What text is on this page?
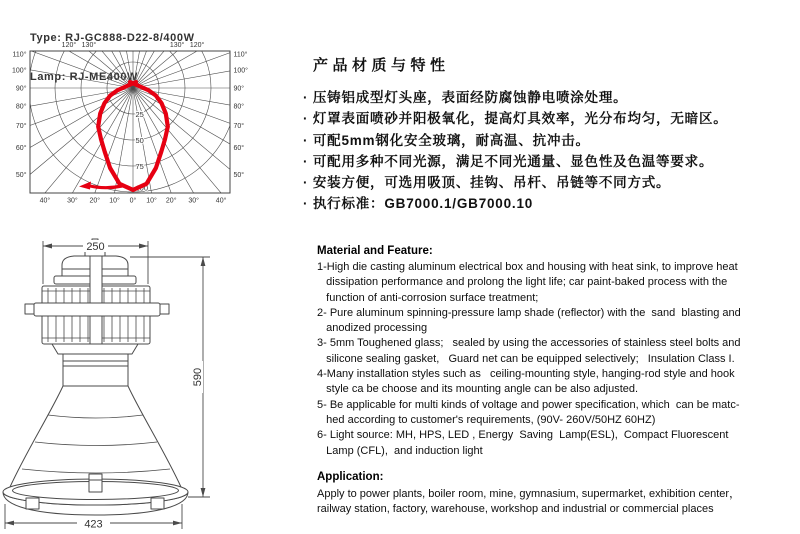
Type: RJ-GC888-D22-8/400W

Lamp: RJ-ME400W

110°	110°
100°	100°
90°	90°
80°	80°
70°	70°
60°	60°
50°	50°
120°
120°	130°
130°
40°	40°
30°	30°
20°	20°
10°	10°
0°
25
50
75
100
250
590
423
产品材质与特性
· 压铸铝成型灯头座，表面经防腐蚀静电喷涂处理。
· 灯罩表面喷砂并阳极氧化，提高灯具效率，光分布均匀，无暗区。
· 可配5mm钢化安全玻璃，耐高温、抗冲击。
· 可配用多种不同光源，满足不同光通量、显色性及色温等要求。
· 安装方便，可选用吸顶、挂钩、吊杆、吊链等不同方式。
· 执行标准：GB7000.1/GB7000.10
Material and Feature:
1-High die casting aluminum electrical box and housing with heat sink, to improve heat
dissipation performance and prolong the light life; car paint-baked process with the
function of anti-corrosion surface treatment;
2- Pure aluminum spinning-pressure lamp shade (reflector) with the  sand  blasting and
anodized processing
3- 5mm Toughened glass;   sealed by using the accessories of stainless steel bolts and
silicone sealing gasket,   Guard net can be equipped selectively;   Insulation Class I.
4-Many installation styles such as   ceiling-mounting style, hanging-rod style and hook
style ca be choose and its mounting angle can be also adjusted.
5- Be applicable for multi kinds of voltage and power specification, which  can be matc-
hed according to customer's requirements, (90V- 260V/50HZ 60HZ)
6- Light source: MH, HPS, LED , Energy  Saving  Lamp(ESL),  Compact Fluorescent
Lamp (CFL),  and induction light
Application:
Apply to power plants, boiler room, mine, gymnasium, supermarket, exhibition center，
railway station, factory, warehouse, workshop and industrial or commercial places
